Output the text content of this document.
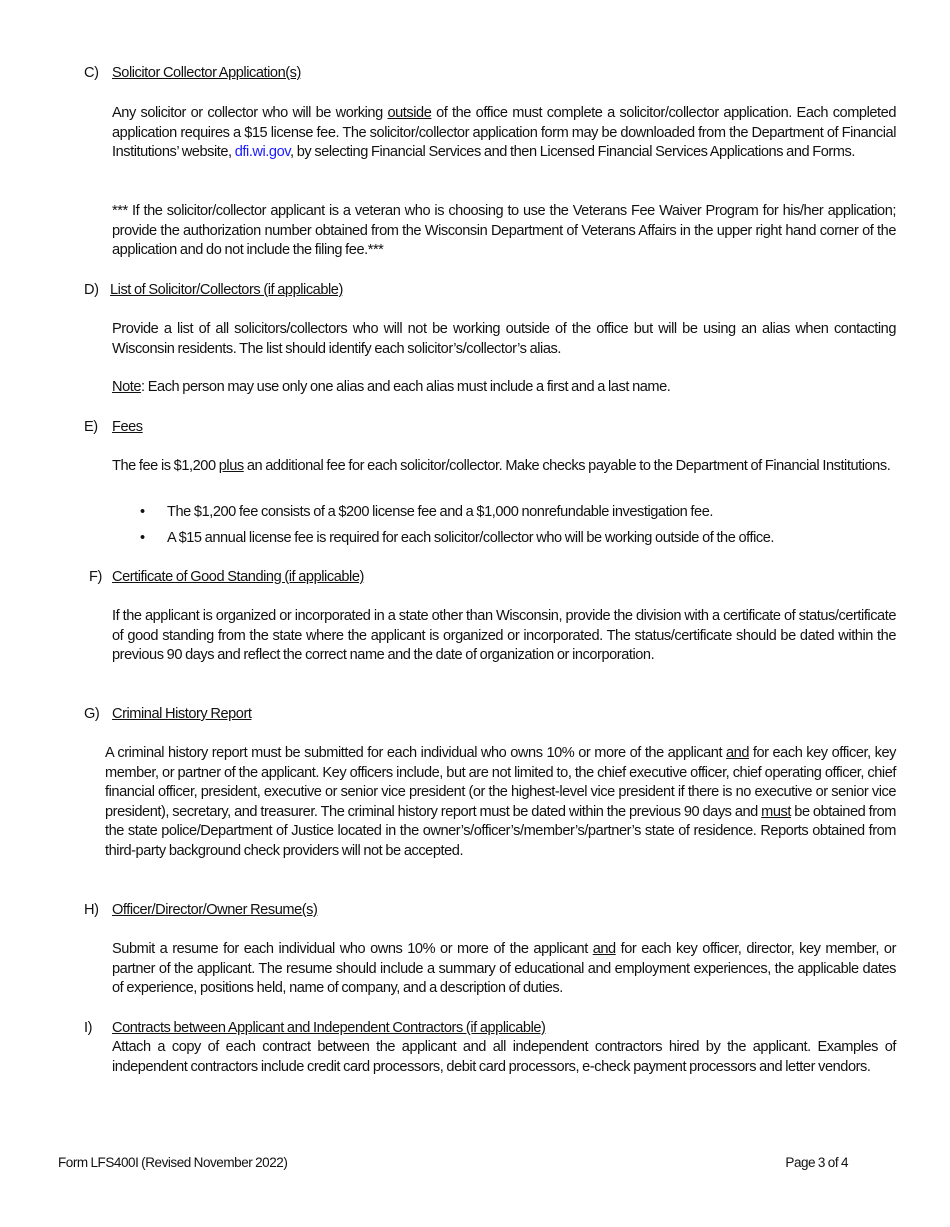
C) Solicitor Collector Application(s)
Any solicitor or collector who will be working outside of the office must complete a solicitor/collector application. Each completed application requires a $15 license fee. The solicitor/collector application form may be downloaded from the Department of Financial Institutions’ website, dfi.wi.gov, by selecting Financial Services and then Licensed Financial Services Applications and Forms.
*** If the solicitor/collector applicant is a veteran who is choosing to use the Veterans Fee Waiver Program for his/her application; provide the authorization number obtained from the Wisconsin Department of Veterans Affairs in the upper right hand corner of the application and do not include the filing fee.***
D) List of Solicitor/Collectors (if applicable)
Provide a list of all solicitors/collectors who will not be working outside of the office but will be using an alias when contacting Wisconsin residents. The list should identify each solicitor’s/collector’s alias.
Note: Each person may use only one alias and each alias must include a first and a last name.
E) Fees
The fee is $1,200 plus an additional fee for each solicitor/collector. Make checks payable to the Department of Financial Institutions.
• The $1,200 fee consists of a $200 license fee and a $1,000 nonrefundable investigation fee.
• A $15 annual license fee is required for each solicitor/collector who will be working outside of the office.
F) Certificate of Good Standing (if applicable)
If the applicant is organized or incorporated in a state other than Wisconsin, provide the division with a certificate of status/certificate of good standing from the state where the applicant is organized or incorporated. The status/certificate should be dated within the previous 90 days and reflect the correct name and the date of organization or incorporation.
G) Criminal History Report
A criminal history report must be submitted for each individual who owns 10% or more of the applicant and for each key officer, key member, or partner of the applicant. Key officers include, but are not limited to, the chief executive officer, chief operating officer, chief financial officer, president, executive or senior vice president (or the highest-level vice president if there is no executive or senior vice president), secretary, and treasurer. The criminal history report must be dated within the previous 90 days and must be obtained from the state police/Department of Justice located in the owner’s/officer’s/member’s/partner’s state of residence. Reports obtained from third-party background check providers will not be accepted.
H) Officer/Director/Owner Resume(s)
Submit a resume for each individual who owns 10% or more of the applicant and for each key officer, director, key member, or partner of the applicant. The resume should include a summary of educational and employment experiences, the applicable dates of experience, positions held, name of company, and a description of duties.
I) Contracts between Applicant and Independent Contractors (if applicable)
Attach a copy of each contract between the applicant and all independent contractors hired by the applicant. Examples of independent contractors include credit card processors, debit card processors, e-check payment processors and letter vendors.
Form LFS400I (Revised November 2022)	Page 3 of 4
